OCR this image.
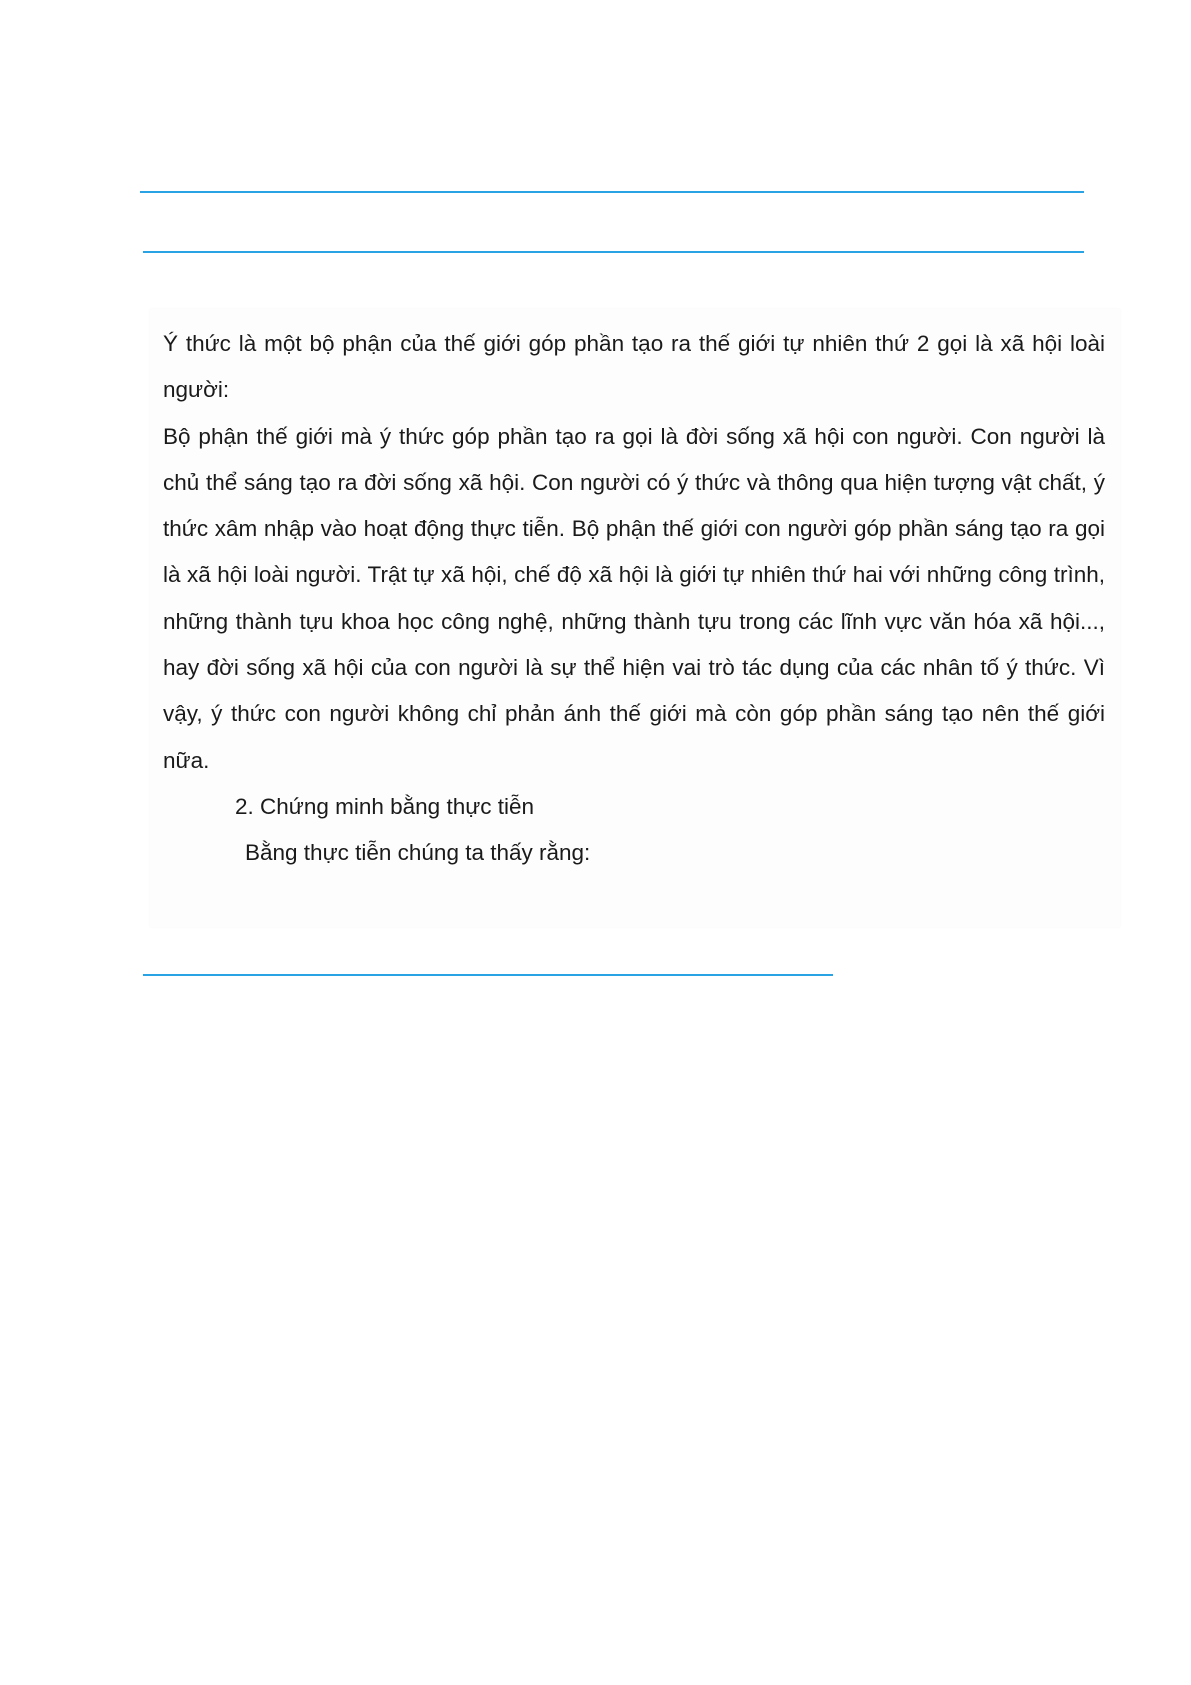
Ý thức là một bộ phận của thế giới góp phần tạo ra thế giới tự nhiên thứ 2 gọi là xã hội loài người:

Bộ phận thế giới mà ý thức góp phần tạo ra gọi là đời sống xã hội con người. Con người là chủ thể sáng tạo ra đời sống xã hội. Con người có ý thức và thông qua hiện tượng vật chất, ý thức xâm nhập vào hoạt động thực tiễn. Bộ phận thế giới con người góp phần sáng tạo ra gọi là xã hội loài người. Trật tự xã hội, chế độ xã hội là giới tự nhiên thứ hai với những công trình, những thành tựu khoa học công nghệ, những thành tựu trong các lĩnh vực văn hóa xã hội..., hay đời sống xã hội của con người là sự thể hiện vai trò tác dụng của các nhân tố ý thức. Vì vậy, ý thức con người không chỉ phản ánh thế giới mà còn góp phần sáng tạo nên thế giới nữa.

2. Chứng minh bằng thực tiễn

Bằng thực tiễn chúng ta thấy rằng:
